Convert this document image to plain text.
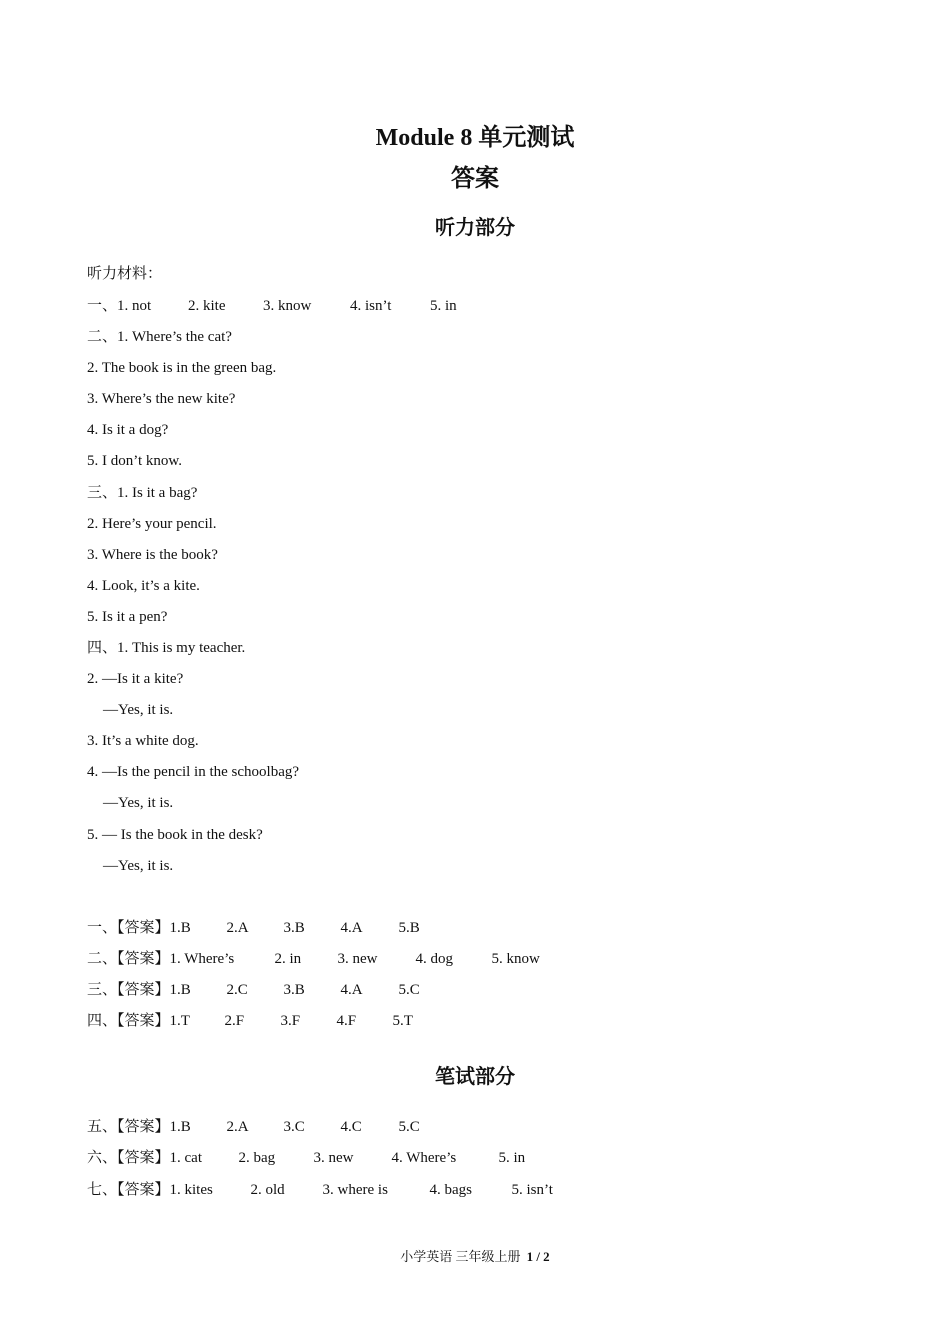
Module 8 单元测试
答案
听力部分
听力材料：
一、1. not 2. kite	3. know	4. isn’t	5. in
二、1. Where’s the cat?
2. The book is in the green bag.
3. Where’s the new kite?
4. Is it a dog?
5. I don’t know.
三、1. Is it a bag?
2. Here’s your pencil.
3. Where is the book?
4. Look, it’s a kite.
5. Is it a pen?
四、1. This is my teacher.
2. —Is it a kite?
—Yes, it is.
3. It’s a white dog.
4. —Is the pencil in the schoolbag?
—Yes, it is.
5. — Is the book in the desk?
—Yes, it is.
一、【答案】1.B 2.A 3.B 4.A 5.B
二、【答案】1. Where’s	2. in 3. new	4. dog	5. know
三、【答案】1.B 2.C 3.B 4.A 5.C
四、【答案】1.T 2.F 3.F 4.F 5.T
笔试部分
五、【答案】1.B 2.A 3.C 4.C 5.C
六、【答案】1. cat 2. bag	3. new	4. Where’s	5. in
七、【答案】1. kites	2. old	3. where is	4. bags	5. isn’t
小学英语 三年级上册 1 / 2
